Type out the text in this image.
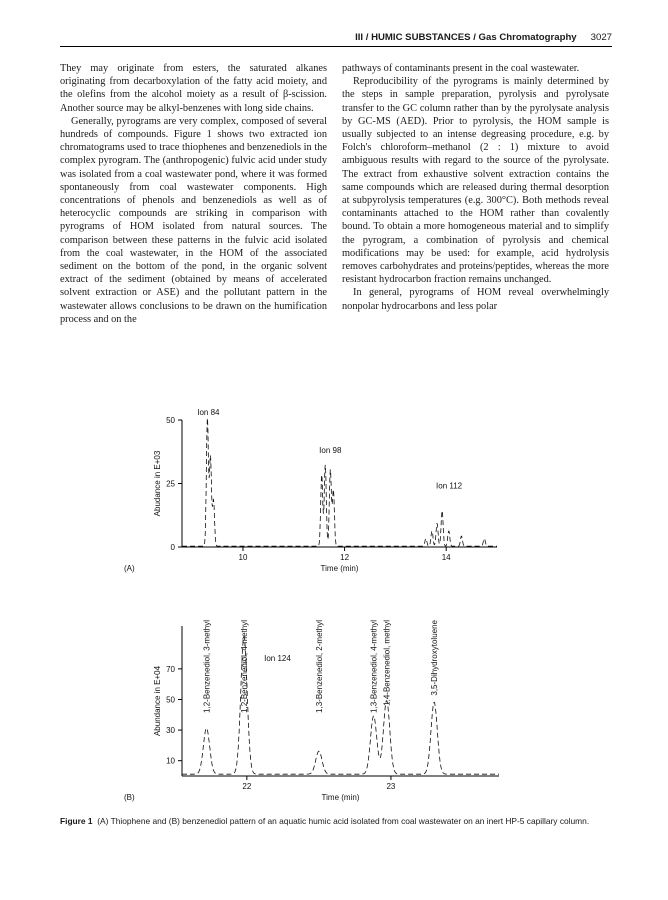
III / HUMIC SUBSTANCES / Gas Chromatography 3027

They may originate from esters, the saturated alkanes originating from decarboxylation of the fatty acid moiety, and the olefins from the alcohol moiety as a result of β-scission. Another source may be alkyl-benzenes with long side chains.

Generally, pyrograms are very complex, composed of several hundreds of compounds. Figure 1 shows two extracted ion chromatograms used to trace thiophenes and benzenediols in the complex pyrogram. The (anthropogenic) fulvic acid under study was isolated from a coal wastewater pond, where it was formed spontaneously from coal wastewater components. High concentrations of phenols and benzenediols as well as of heterocyclic compounds are striking in comparison with pyrograms of HOM isolated from natural sources. The comparison between these patterns in the fulvic acid isolated from the coal wastewater, in the HOM of the associated sediment on the bottom of the pond, in the organic solvent extract of the sediment (obtained by means of accelerated solvent extraction or ASE) and the pollutant pattern in the wastewater allows conclusions to be drawn on the humification process and on the

pathways of contaminants present in the coal wastewater.

Reproducibility of the pyrograms is mainly determined by the steps in sample preparation, pyrolysis and pyrolysate transfer to the GC column rather than by the pyrolysate analysis by GC-MS (AED). Prior to pyrolysis, the HOM sample is usually subjected to an intense degreasing procedure, e.g. by Folch's chloroform–methanol (2 : 1) mixture to avoid ambiguous results with regard to the source of the pyrolysate. The extract from exhaustive solvent extraction contains the same compounds which are released during thermal desorption at subpyrolysis temperatures (e.g. 300°C). Both methods reveal contaminants attached to the HOM rather than covalently bound. To obtain a more homogeneous material and to simplify the pyrogram, a combination of pyrolysis and chemical modifications may be used: for example, acid hydrolysis removes carbohydrates and proteins/peptides, whereas the more resistant hydrocarbon fraction remains unchanged.

In general, pyrograms of HOM reveal overwhelmingly nonpolar hydrocarbons and less polar

0
25
50
10	12	14
Abudance in E+03
Time (min)
(A)
Ion 84
Ion 98
Ion 112
10
30
50
70
22	23
Abundance in E+04
Time (min)
(B)
1,2-Benzenediol, 3-methyl	1,2-Benzenediol, 4-methyl	1,3-Benzenediol, 2-methyl	1,3-Benzenediol, 4-methyl 1,4-Benzenediol, methyl	3,5-Dihydroxytoluene
Ion 124
Figure 1 (A) Thiophene and (B) benzenediol pattern of an aquatic humic acid isolated from coal wastewater on an inert HP-5 capillary column.
